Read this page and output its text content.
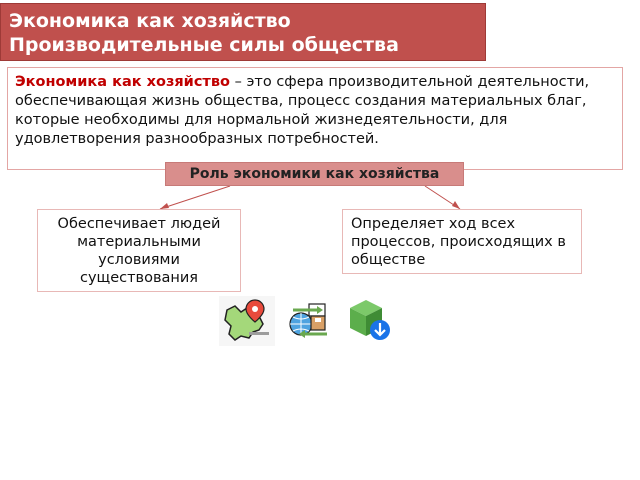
Экономика как хозяйство
Производительные силы общества
Экономика как хозяйство – это сфера производительной деятельности, обеспечивающая жизнь общества, процесс создания материальных благ, которые необходимы для нормальной жизнедеятельности, для удовлетворения разнообразных потребностей.
Роль экономики как хозяйства
Обеспечивает людей материальными условиями существования
Определяет ход всех процессов, происходящих в обществе
